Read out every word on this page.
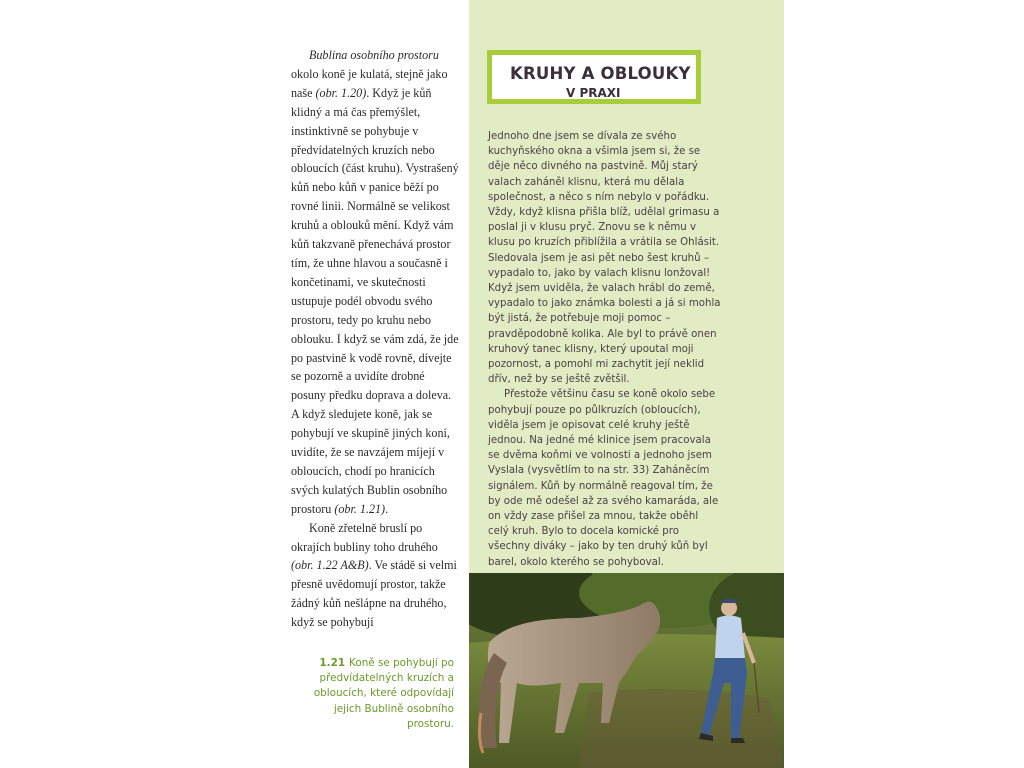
Bublina osobního prostoru okolo koně je kulatá, stejně jako naše (obr. 1.20). Když je kůň klidný a má čas přemýšlet, instinktivně se pohybuje v předvídatelných kruzích nebo obloucích (část kruhu). Vystrašený kůň nebo kůň v panice běží po rovné linii. Normálně se velikost kruhů a oblouků mění. Když vám kůň takzvaně přenechává prostor tím, že uhne hlavou a současně i končetinami, ve skutečnosti ustupuje podél obvodu svého prostoru, tedy po kruhu nebo oblouku. I když se vám zdá, že jde po pastvině k vodě rovně, dívejte se pozorně a uvidíte drobné posuny předku doprava a doleva. A když sledujete koně, jak se pohybují ve skupině jiných koní, uvidíte, že se navzájem míjejí v obloucích, chodí po hranicích svých kulatých Bublin osobního prostoru (obr. 1.21).

Koně zřetelně bruslí po okrajích bubliny toho druhého (obr. 1.22 A&B). Ve stádě si velmi přesně uvědomují prostor, takže žádný kůň nešlápne na druhého, když se pohybují

1.21 Koně se pohybují po předvídatelných kruzích a obloucích, které odpovídají jejich Bublině osobního prostoru.
KRUHY A OBLOUKY
V PRAXI

Jednoho dne jsem se dívala ze svého kuchyňského okna a všimla jsem si, že se děje něco divného na pastvině. Můj starý valach zaháněl klisnu, která mu dělala společnost, a něco s ním nebylo v pořádku. Vždy, když klisna přišla blíž, udělal grimasu a poslal ji v klusu pryč. Znovu se k němu v klusu po kruzích přiblížila a vrátila se Ohlásit. Sledovala jsem je asi pět nebo šest kruhů – vypadalo to, jako by valach klisnu lonžoval! Když jsem uviděla, že valach hrábl do země, vypadalo to jako známka bolesti a já si mohla být jistá, že potřebuje moji pomoc – pravděpodobně kolika. Ale byl to právě onen kruhový tanec klisny, který upoutal moji pozornost, a pomohl mi zachytit její neklid dřív, než by se ještě zvětšil.

Přestože většinu času se koně okolo sebe pohybují pouze po půlkruzích (obloucích), viděla jsem je opisovat celé kruhy ještě jednou. Na jedné mé klinice jsem pracovala se dvěma koňmi ve volnosti a jednoho jsem Vyslala (vysvětlím to na str. 33) Zaháněcím signálem. Kůň by normálně reagoval tím, že by ode mě odešel až za svého kamaráda, ale on vždy zase přišel za mnou, takže oběhl celý kruh. Bylo to docela komické pro všechny diváky – jako by ten druhý kůň byl barel, okolo kterého se pohyboval.
